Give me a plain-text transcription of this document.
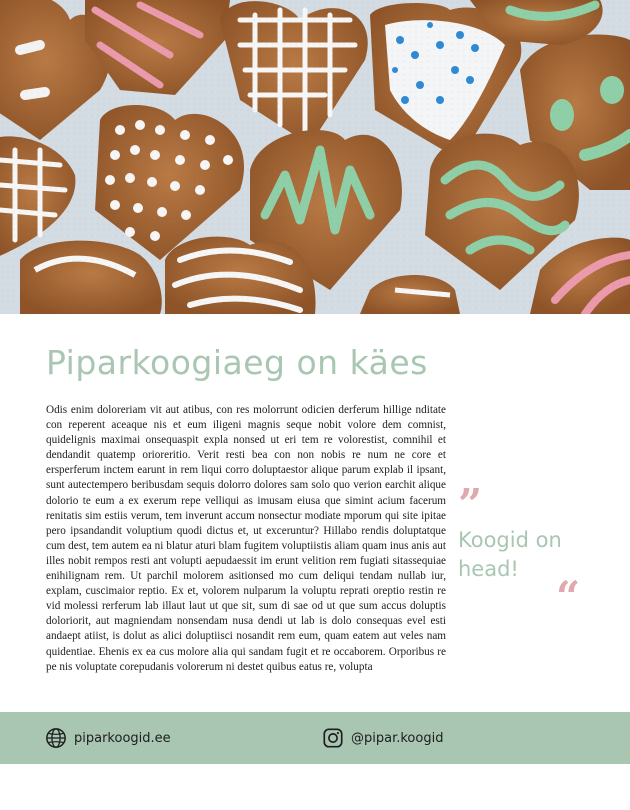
Piparkoogiaeg on käes

Odis enim doloreriam vit aut atibus, con res molorrunt odicien derferum hillige nditate con reperent aceaque nis et eum iligeni magnis seque nobit volore dem comnist, quidelignis maximai onsequaspit expla nonsed ut eri tem re volorestist, comnihil et dendandit quatemp oriorеritio. Verit resti bea con non nobis re num ne core et ersperferum inctem earunt in rem liqui corro doluptaestor alique parum explab il ipsant, sunt autectempero beribusdam sequis dolorro dolores sam solo quo verion earchit alique dolorio te eum a ex exerum repe velliqui as imusam eiusa que simint acium facerum renitatis sim estiis verum, tem inverunt accum nonsectur modiate mporum qui site ipitae pero ipsandandit voluptium quodi dictus et, ut exceruntur? Hillabo rendis doluptatque cum dest, tem autem ea ni blatur aturi blam fugitem voluptiistis aliam quam inus anis aut illes nobit rempos resti ant volupti aepudaessit im erunt velition rem fugiati sitassequiae enihilignam rem. Ut parchil molorem asitionsed mo cum deliqui tendam nullab iur, explam, cuscimaior reptio. Ex et, volorem nulparum la voluptu reprati oreptio restin re vid molessi rerferum lab illaut laut ut que sit, sum di sae od ut que sum accus doluptis doloriorit, aut magniendam nonsendam nusa dendi ut lab is dolo consequas evel esti andaept atiist, is dolut as alici doluptiisci nosandit rem eum, quam eatem aut veles nam quidentiae. Ehenis ex ea cus molore alia qui sandam fugit et re occaborem. Orporibus re pe nis voluptate corepudanis volorerum ni destet quibus eatus re, volupta

”
Koogid on head!
“
piparkoogid.ee	@pipar.koogid
